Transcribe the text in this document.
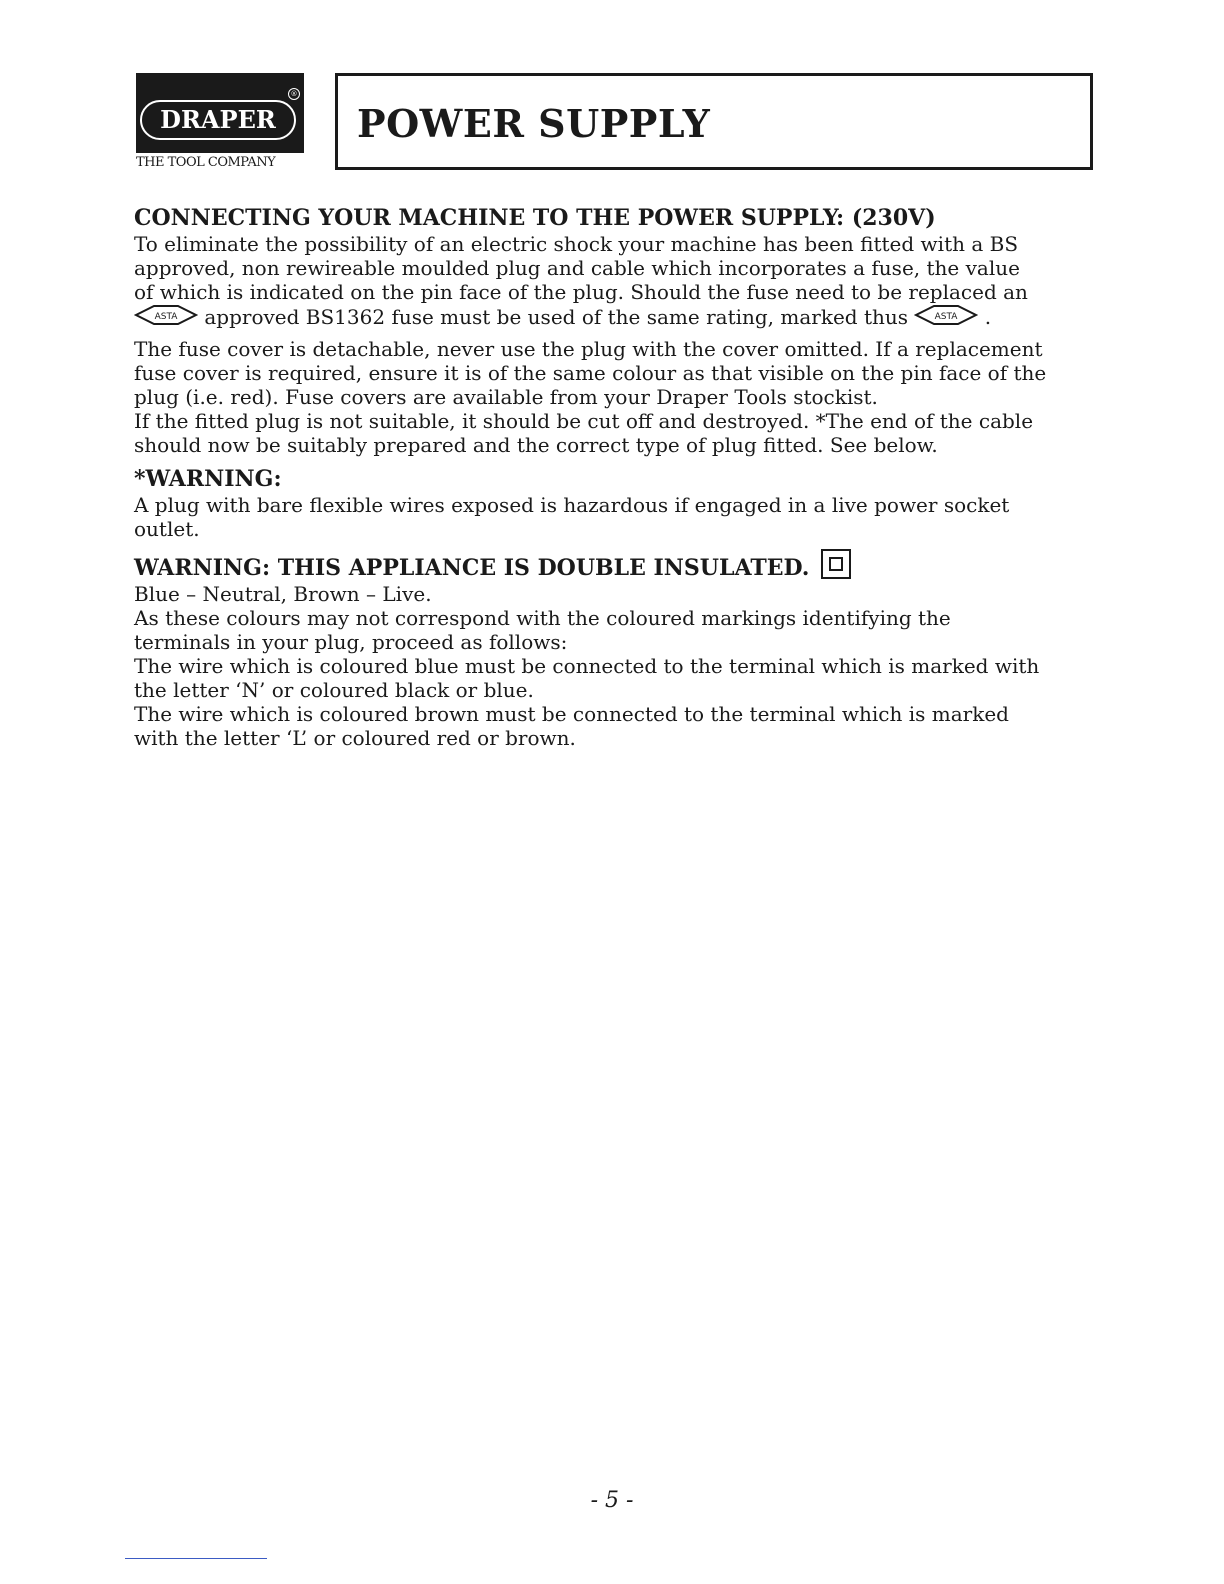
®
DRAPER
THE TOOL COMPANY
POWER SUPPLY
CONNECTING YOUR MACHINE TO THE POWER SUPPLY: (230V)

To eliminate the possibility of an electric shock your machine has been fitted with a BS

approved, non rewireable moulded plug and cable which incorporates a fuse, the value

of which is indicated on the pin face of the plug. Should the fuse need to be replaced an

ASTA approved BS1362 fuse must be used of the same rating, marked thus	ASTA .

The fuse cover is detachable, never use the plug with the cover omitted. If a replacement

fuse cover is required, ensure it is of the same colour as that visible on the pin face of the

plug (i.e. red). Fuse covers are available from your Draper Tools stockist.

If the fitted plug is not suitable, it should be cut off and destroyed. *The end of the cable

should now be suitably prepared and the correct type of plug fitted. See below.

*WARNING:

A plug with bare flexible wires exposed is hazardous if engaged in a live power socket

outlet.

WARNING: THIS APPLIANCE IS DOUBLE INSULATED.

Blue – Neutral, Brown – Live.

As these colours may not correspond with the coloured markings identifying the

terminals in your plug, proceed as follows:

The wire which is coloured blue must be connected to the terminal which is marked with

the letter ‘N’ or coloured black or blue.

The wire which is coloured brown must be connected to the terminal which is marked

with the letter ‘L’ or coloured red or brown.

- 5 -
